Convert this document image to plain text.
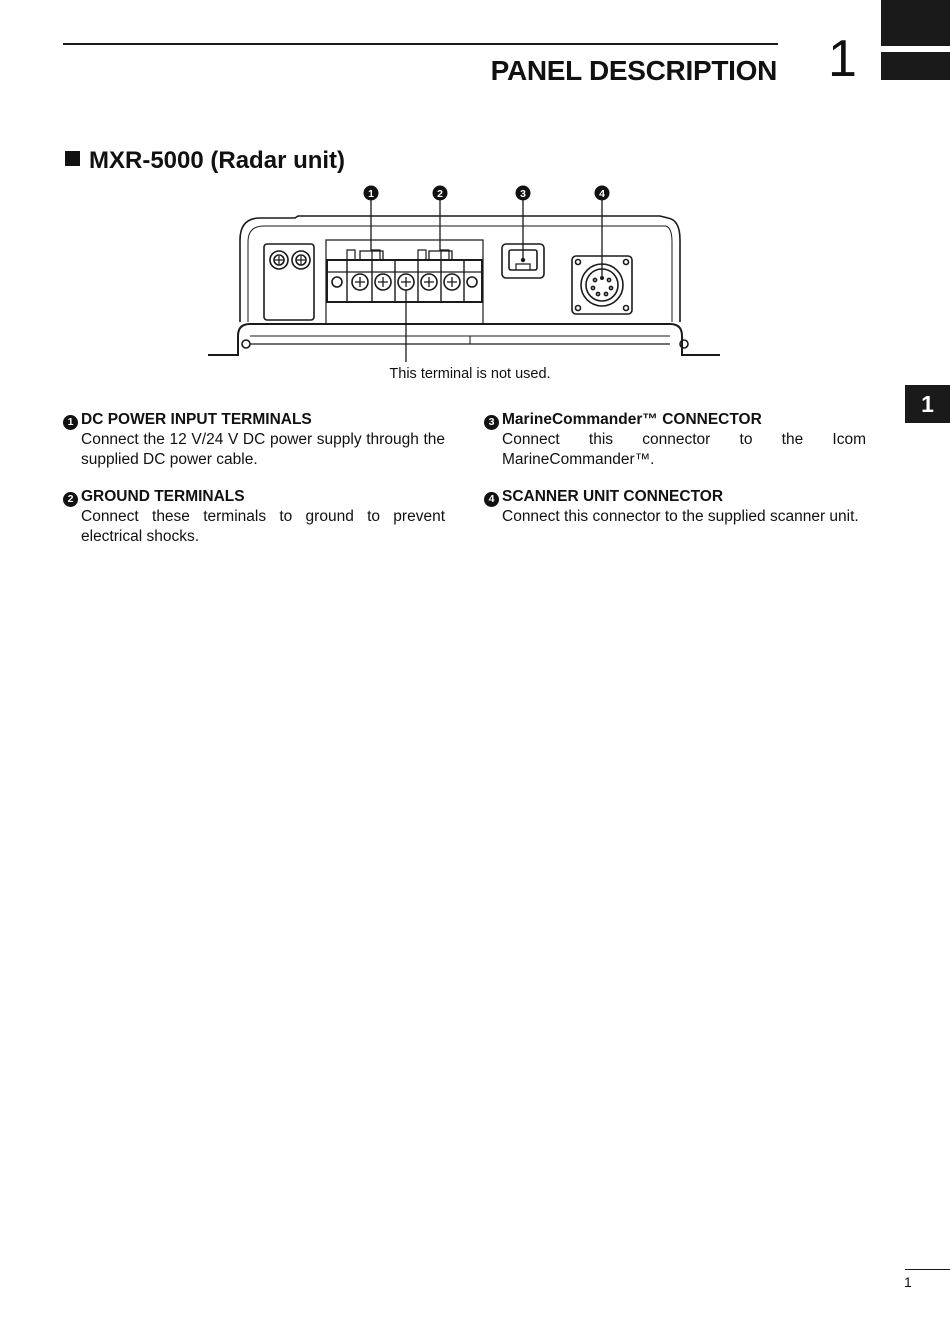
PANEL DESCRIPTION 1
1
MXR-5000 (Radar unit)
1	2	3	4
This terminal is not used.
1 DC POWER INPUT TERMINALS
Connect the 12 V/24 V DC power supply through the supplied DC power cable.
2 GROUND TERMINALS
Connect these terminals to ground to prevent electrical shocks.
3 MarineCommander™ CONNECTOR
Connect this connector to the Icom MarineCommander™.
4 SCANNER UNIT CONNECTOR
Connect this connector to the supplied scanner unit.
1
